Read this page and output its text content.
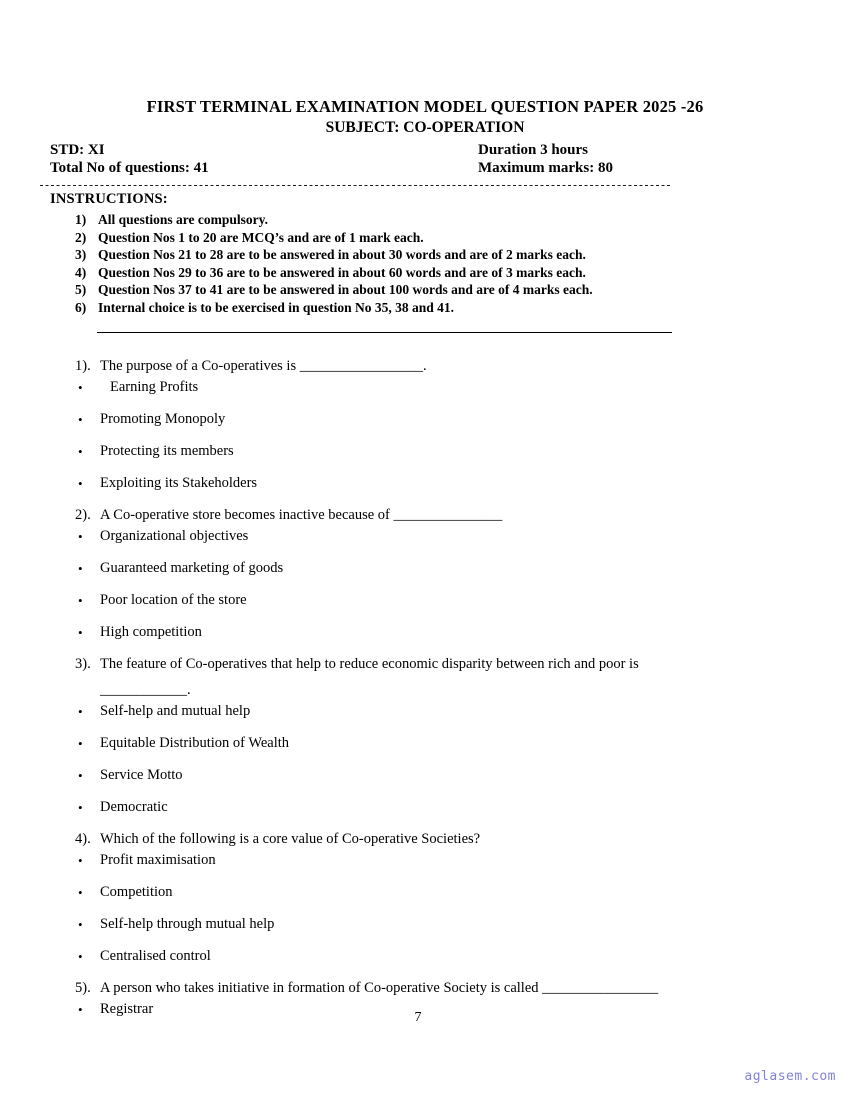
FIRST TERMINAL EXAMINATION MODEL QUESTION PAPER 2025 -26
SUBJECT: CO-OPERATION
STD: XI	Duration 3 hours
Total No of questions: 41	Maximum marks: 80
INSTRUCTIONS:
1) All questions are compulsory.
2) Question Nos 1 to 20 are MCQ’s and are of 1 mark each.
3) Question Nos 21 to 28 are to be answered in about 30 words and are of 2 marks each.
4) Question Nos 29 to 36 are to be answered in about 60 words and are of 3 marks each.
5) Question Nos 37 to 41 are to be answered in about 100 words and are of 4 marks each.
6) Internal choice is to be exercised in question No 35, 38 and 41.
1). The purpose of a Co-operatives is _________________.
•	Earning Profits
•	Promoting Monopoly
•	Protecting its members
•	Exploiting its Stakeholders
2). A Co-operative store becomes inactive because of _______________
•	Organizational objectives
•	Guaranteed marketing of goods
•	Poor location of the store
•	High competition
3). The feature of Co-operatives that help to reduce economic disparity between rich and poor is
____________.
•	Self-help and mutual help
•	Equitable Distribution of Wealth
•	Service Motto
•	Democratic
4). Which of the following is a core value of Co-operative Societies?
•	Profit maximisation
•	Competition
•	Self-help through mutual help
•	Centralised control
5). A person who takes initiative in formation of Co-operative Society is called ________________
•	Registrar
7
aglasem.com
